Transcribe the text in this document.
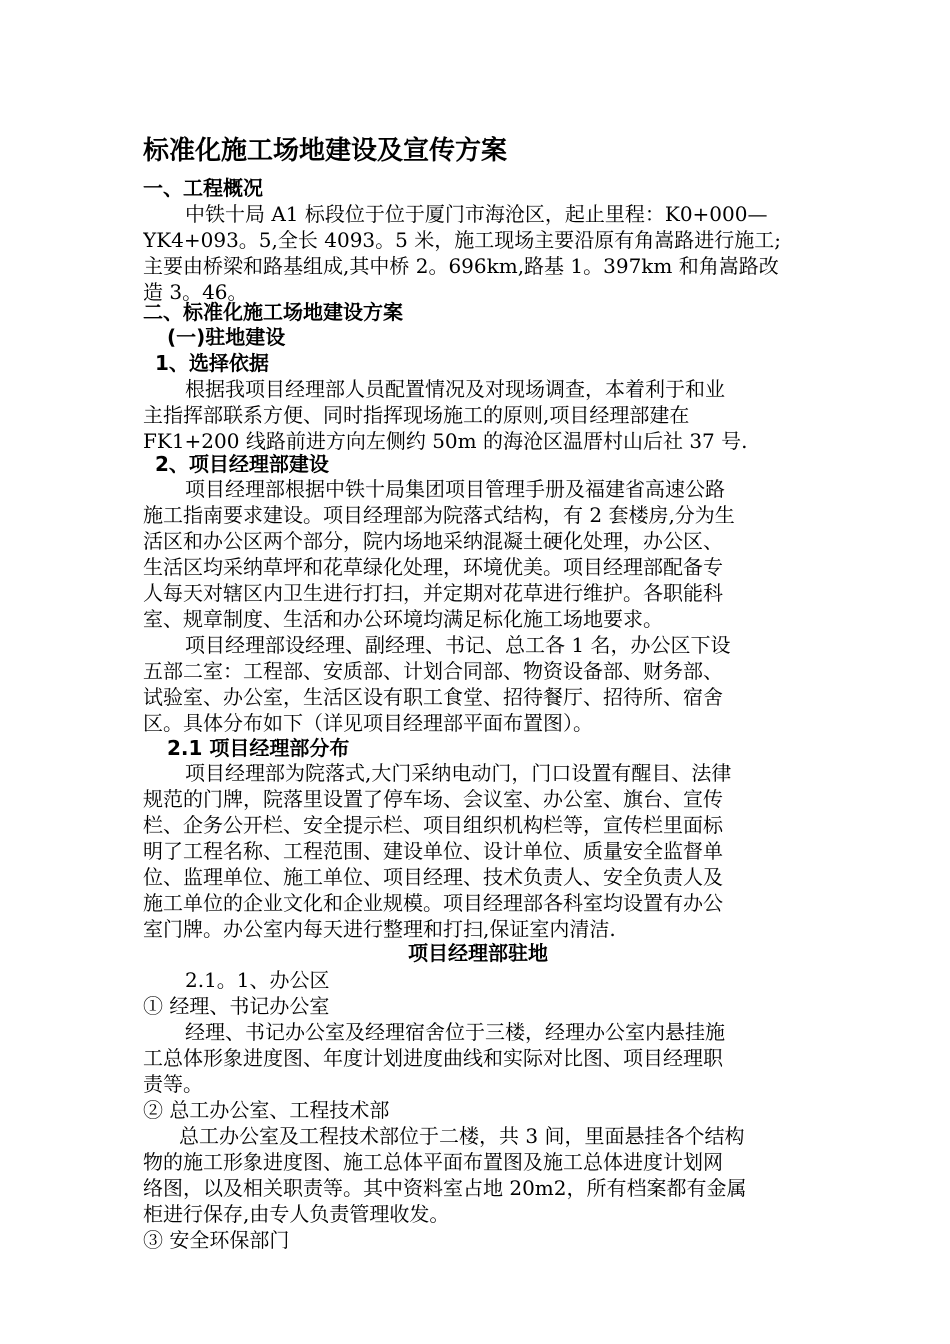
标准化施工场地建设及宣传方案
一、工程概况
中铁十局 A1 标段位于位于厦门市海沧区，起止里程：K0+000—
YK4+093。5,全长 4093。5 米，施工现场主要沿原有角嵩路进行施工;
主要由桥梁和路基组成,其中桥 2。696km,路基 1。397km 和角嵩路改
造 3。46。
二、标准化施工场地建设方案
(一)驻地建设
1、选择依据
根据我项目经理部人员配置情况及对现场调查，本着利于和业
主指挥部联系方便、同时指挥现场施工的原则,项目经理部建在
FK1+200 线路前进方向左侧约 50m 的海沧区温厝村山后社 37 号.
2、项目经理部建设
项目经理部根据中铁十局集团项目管理手册及福建省高速公路
施工指南要求建设。项目经理部为院落式结构，有 2 套楼房,分为生
活区和办公区两个部分，院内场地采纳混凝土硬化处理，办公区、
生活区均采纳草坪和花草绿化处理，环境优美。项目经理部配备专
人每天对辖区内卫生进行打扫，并定期对花草进行维护。各职能科
室、规章制度、生活和办公环境均满足标化施工场地要求。
项目经理部设经理、副经理、书记、总工各 1 名，办公区下设
五部二室：工程部、安质部、计划合同部、物资设备部、财务部、
试验室、办公室，生活区设有职工食堂、招待餐厅、招待所、宿舍
区。具体分布如下（详见项目经理部平面布置图）。
2.1 项目经理部分布
项目经理部为院落式,大门采纳电动门，门口设置有醒目、法律
规范的门牌，院落里设置了停车场、会议室、办公室、旗台、宣传
栏、企务公开栏、安全提示栏、项目组织机构栏等，宣传栏里面标
明了工程名称、工程范围、建设单位、设计单位、质量安全监督单
位、监理单位、施工单位、项目经理、技术负责人、安全负责人及
施工单位的企业文化和企业规模。项目经理部各科室均设置有办公
室门牌。办公室内每天进行整理和打扫,保证室内清洁.
项目经理部驻地
2.1。1、办公区
① 经理、书记办公室
经理、书记办公室及经理宿舍位于三楼，经理办公室内悬挂施
工总体形象进度图、年度计划进度曲线和实际对比图、项目经理职
责等。
② 总工办公室、工程技术部
总工办公室及工程技术部位于二楼，共 3 间，里面悬挂各个结构
物的施工形象进度图、施工总体平面布置图及施工总体进度计划网
络图，以及相关职责等。其中资料室占地 20m2，所有档案都有金属
柜进行保存,由专人负责管理收发。
③ 安全环保部门
